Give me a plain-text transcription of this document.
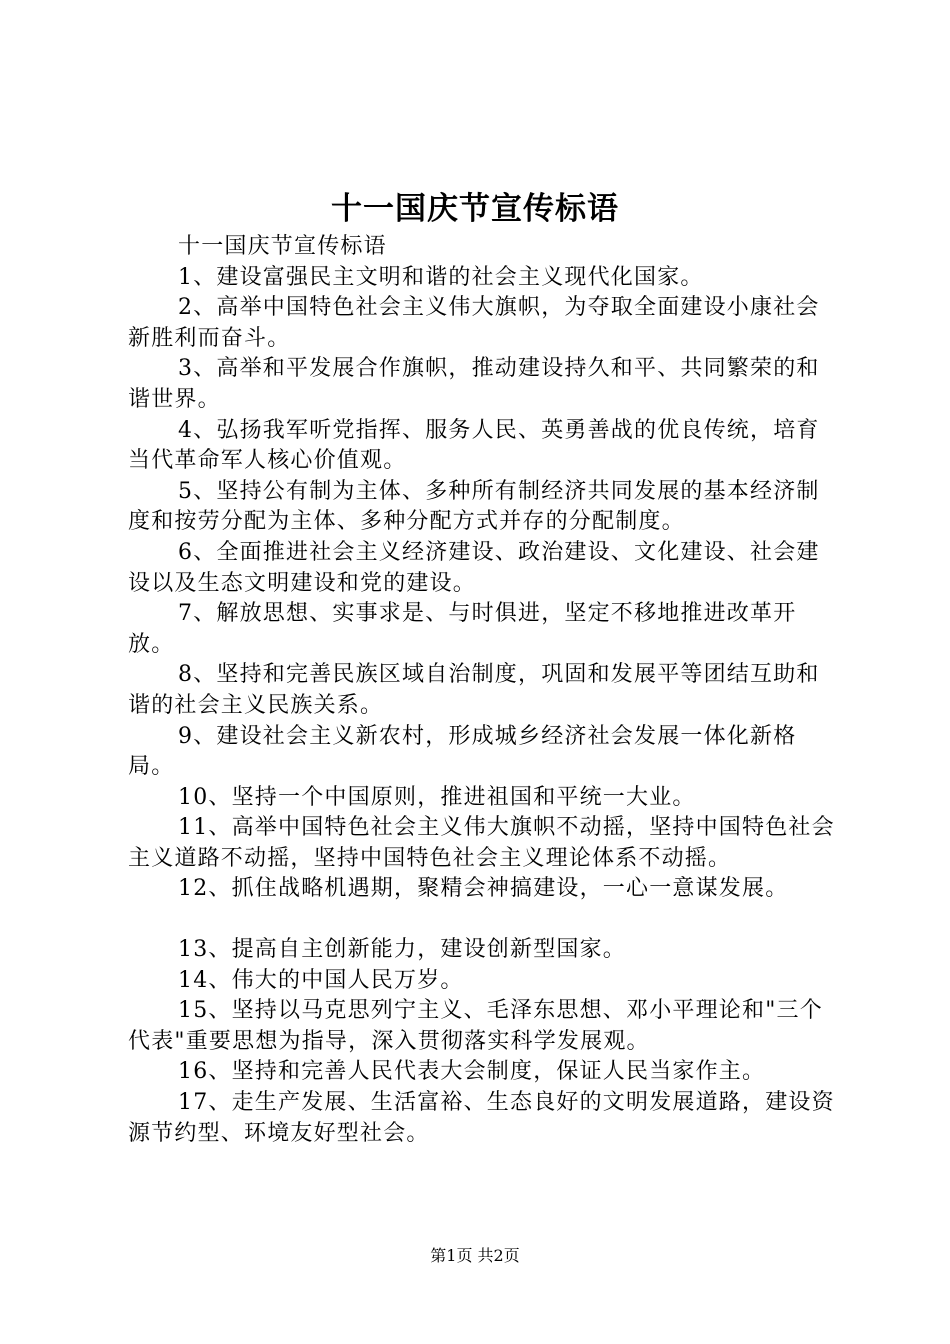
十一国庆节宣传标语

十一国庆节宣传标语

1、建设富强民主文明和谐的社会主义现代化国家。

2、高举中国特色社会主义伟大旗帜，为夺取全面建设小康社会新胜利而奋斗。

3、高举和平发展合作旗帜，推动建设持久和平、共同繁荣的和谐世界。

4、弘扬我军听党指挥、服务人民、英勇善战的优良传统，培育当代革命军人核心价值观。

5、坚持公有制为主体、多种所有制经济共同发展的基本经济制度和按劳分配为主体、多种分配方式并存的分配制度。

6、全面推进社会主义经济建设、政治建设、文化建设、社会建设以及生态文明建设和党的建设。

7、解放思想、实事求是、与时俱进，坚定不移地推进改革开放。

8、坚持和完善民族区域自治制度，巩固和发展平等团结互助和谐的社会主义民族关系。

9、建设社会主义新农村，形成城乡经济社会发展一体化新格局。

10、坚持一个中国原则，推进祖国和平统一大业。

11、高举中国特色社会主义伟大旗帜不动摇，坚持中国特色社会主义道路不动摇，坚持中国特色社会主义理论体系不动摇。

12、抓住战略机遇期，聚精会神搞建设，一心一意谋发展。

13、提高自主创新能力，建设创新型国家。

14、伟大的中国人民万岁。

15、坚持以马克思列宁主义、毛泽东思想、邓小平理论和"三个代表"重要思想为指导，深入贯彻落实科学发展观。

16、坚持和完善人民代表大会制度，保证人民当家作主。

17、走生产发展、生活富裕、生态良好的文明发展道路，建设资源节约型、环境友好型社会。

第1页 共2页
